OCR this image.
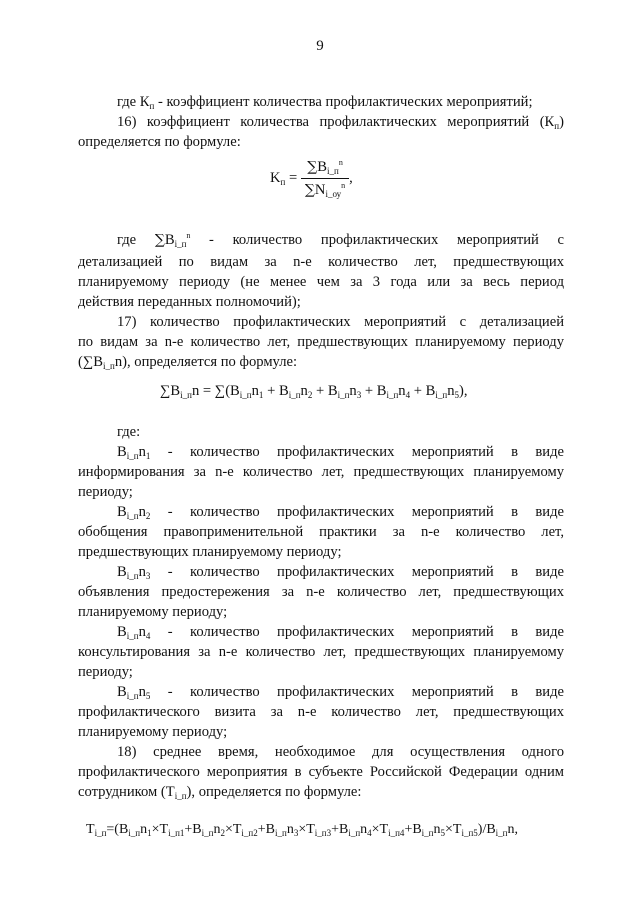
9
где $К_п$ - коэффициент количества профилактических мероприятий;
16) коэффициент количества профилактических мероприятий $(К_п)$
определяется по формуле:
$K_п = \frac{\sum B_{i\_п}^n}{\sum N_{i\_оу}^n}$ ,
где $\sum B_{i\_п}^n$ - количество профилактических мероприятий с
детализацией по видам за n-е количество лет, предшествующих
планируемому периоду (не менее чем за 3 года или за весь период
действия переданных полномочий);
17) количество профилактических мероприятий с детализацией
по видам за n-е количество лет, предшествующих планируемому периоду
$(\sum B_{i\_п}n)$, определяется по формуле:
$\sum B_{i\_п}n = \sum(B_{i\_п}n_1 + B_{i\_п}n_2 + B_{i\_п}n_3 + B_{i\_п}n_4 + B_{i\_п}n_5)$,
где:
$B_{i\_п}n_1$ - количество профилактических мероприятий в виде
информирования за n-е количество лет, предшествующих планируемому
периоду;
$B_{i\_п}n_2$ - количество профилактических мероприятий в виде
обобщения правоприменительной практики за n-е количество лет,
предшествующих планируемому периоду;
$B_{i\_п}n_3$ - количество профилактических мероприятий в виде
объявления предостережения за n-е количество лет, предшествующих
планируемому периоду;
$B_{i\_п}n_4$ - количество профилактических мероприятий в виде
консультирования за n-е количество лет, предшествующих планируемому
периоду;
$B_{i\_п}n_5$ - количество профилактических мероприятий в виде
профилактического визита за n-е количество лет, предшествующих
планируемому периоду;
18) среднее время, необходимое для осуществления одного
профилактического мероприятия в субъекте Российской Федерации одним
сотрудником $(T_{i\_п})$, определяется по формуле:
$T_{i\_п}=(B_{i\_п}n_1\times T_{i\_п1}+B_{i\_п}n_2\times T_{i\_п2}+B_{i\_п}n_3\times T_{i\_п3}+B_{i\_п}n_4\times T_{i\_п4}+B_{i\_п}n_5\times T_{i\_п5})/B_{i\_п}n$,
